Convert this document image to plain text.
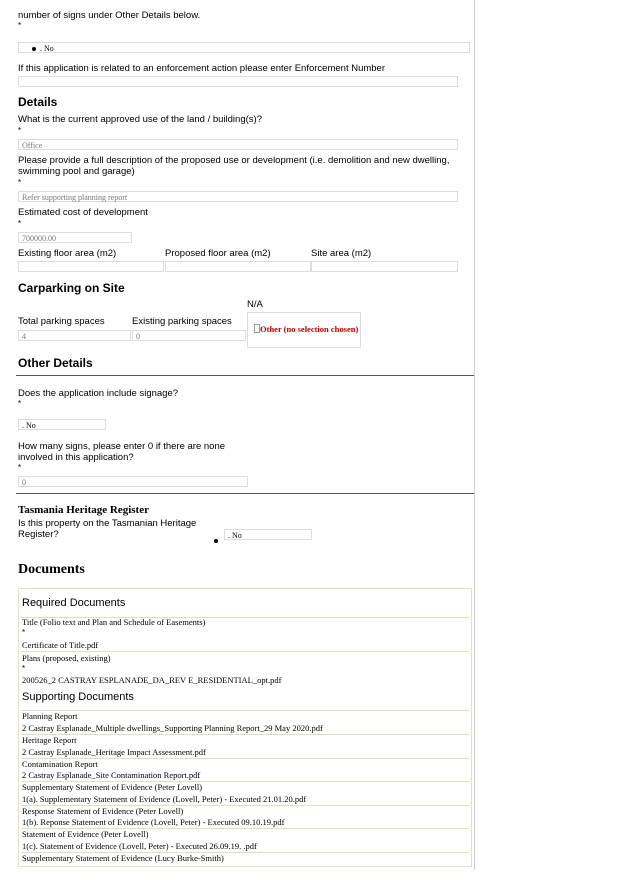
number of signs under Other Details below.
*
. No
If this application is related to an enforcement action please enter Enforcement Number
Details
What is the current approved use of the land / building(s)?
*
Office
Please provide a full description of the proposed use or development (i.e. demolition and new dwelling, swimming pool and garage)
*
Refer supporting planning report
Estimated cost of development
*
700000.00
Existing floor area (m2)	Proposed floor area (m2)	Site area (m2)
Carparking on Site
N/A
Total parking spaces	Existing parking spaces
4	0
Other (no selection chosen)
Other Details
Does the application include signage?
*
. No
How many signs, please enter 0 if there are none involved in this application?
*
0
Tasmania Heritage Register
Is this property on the Tasmanian Heritage Register?	. No
Documents
Required Documents
Title (Folio text and Plan and Schedule of Easements)
*
Certificate of Title.pdf
Plans (proposed, existing)
*
200526_2 CASTRAY ESPLANADE_DA_REV E_RESIDENTIAL_opt.pdf
Supporting Documents
Planning Report
2 Castray Esplanade_Multiple dwellings_Supporting Planning Report_29 May 2020.pdf
Heritage Report
2 Castray Esplanade_Heritage Impact Assessment.pdf
Contamination Report
2 Castray Esplanade_Site Contamination Report.pdf
Supplementary Statement of Evidence (Peter Lovell)
1(a). Supplementary Statement of Evidence (Lovell, Peter) - Executed 21.01.20.pdf
Response Statement of Evidence (Peter Lovell)
1(b). Reponse Statement of Evidence (Lovell, Peter) - Executed 09.10.19.pdf
Statement of Evidence (Peter Lovell)
1(c). Statement of Evidence (Lovell, Peter) - Executed 26.09.19. .pdf
Supplementary Statement of Evidence (Lucy Burke-Smith)
